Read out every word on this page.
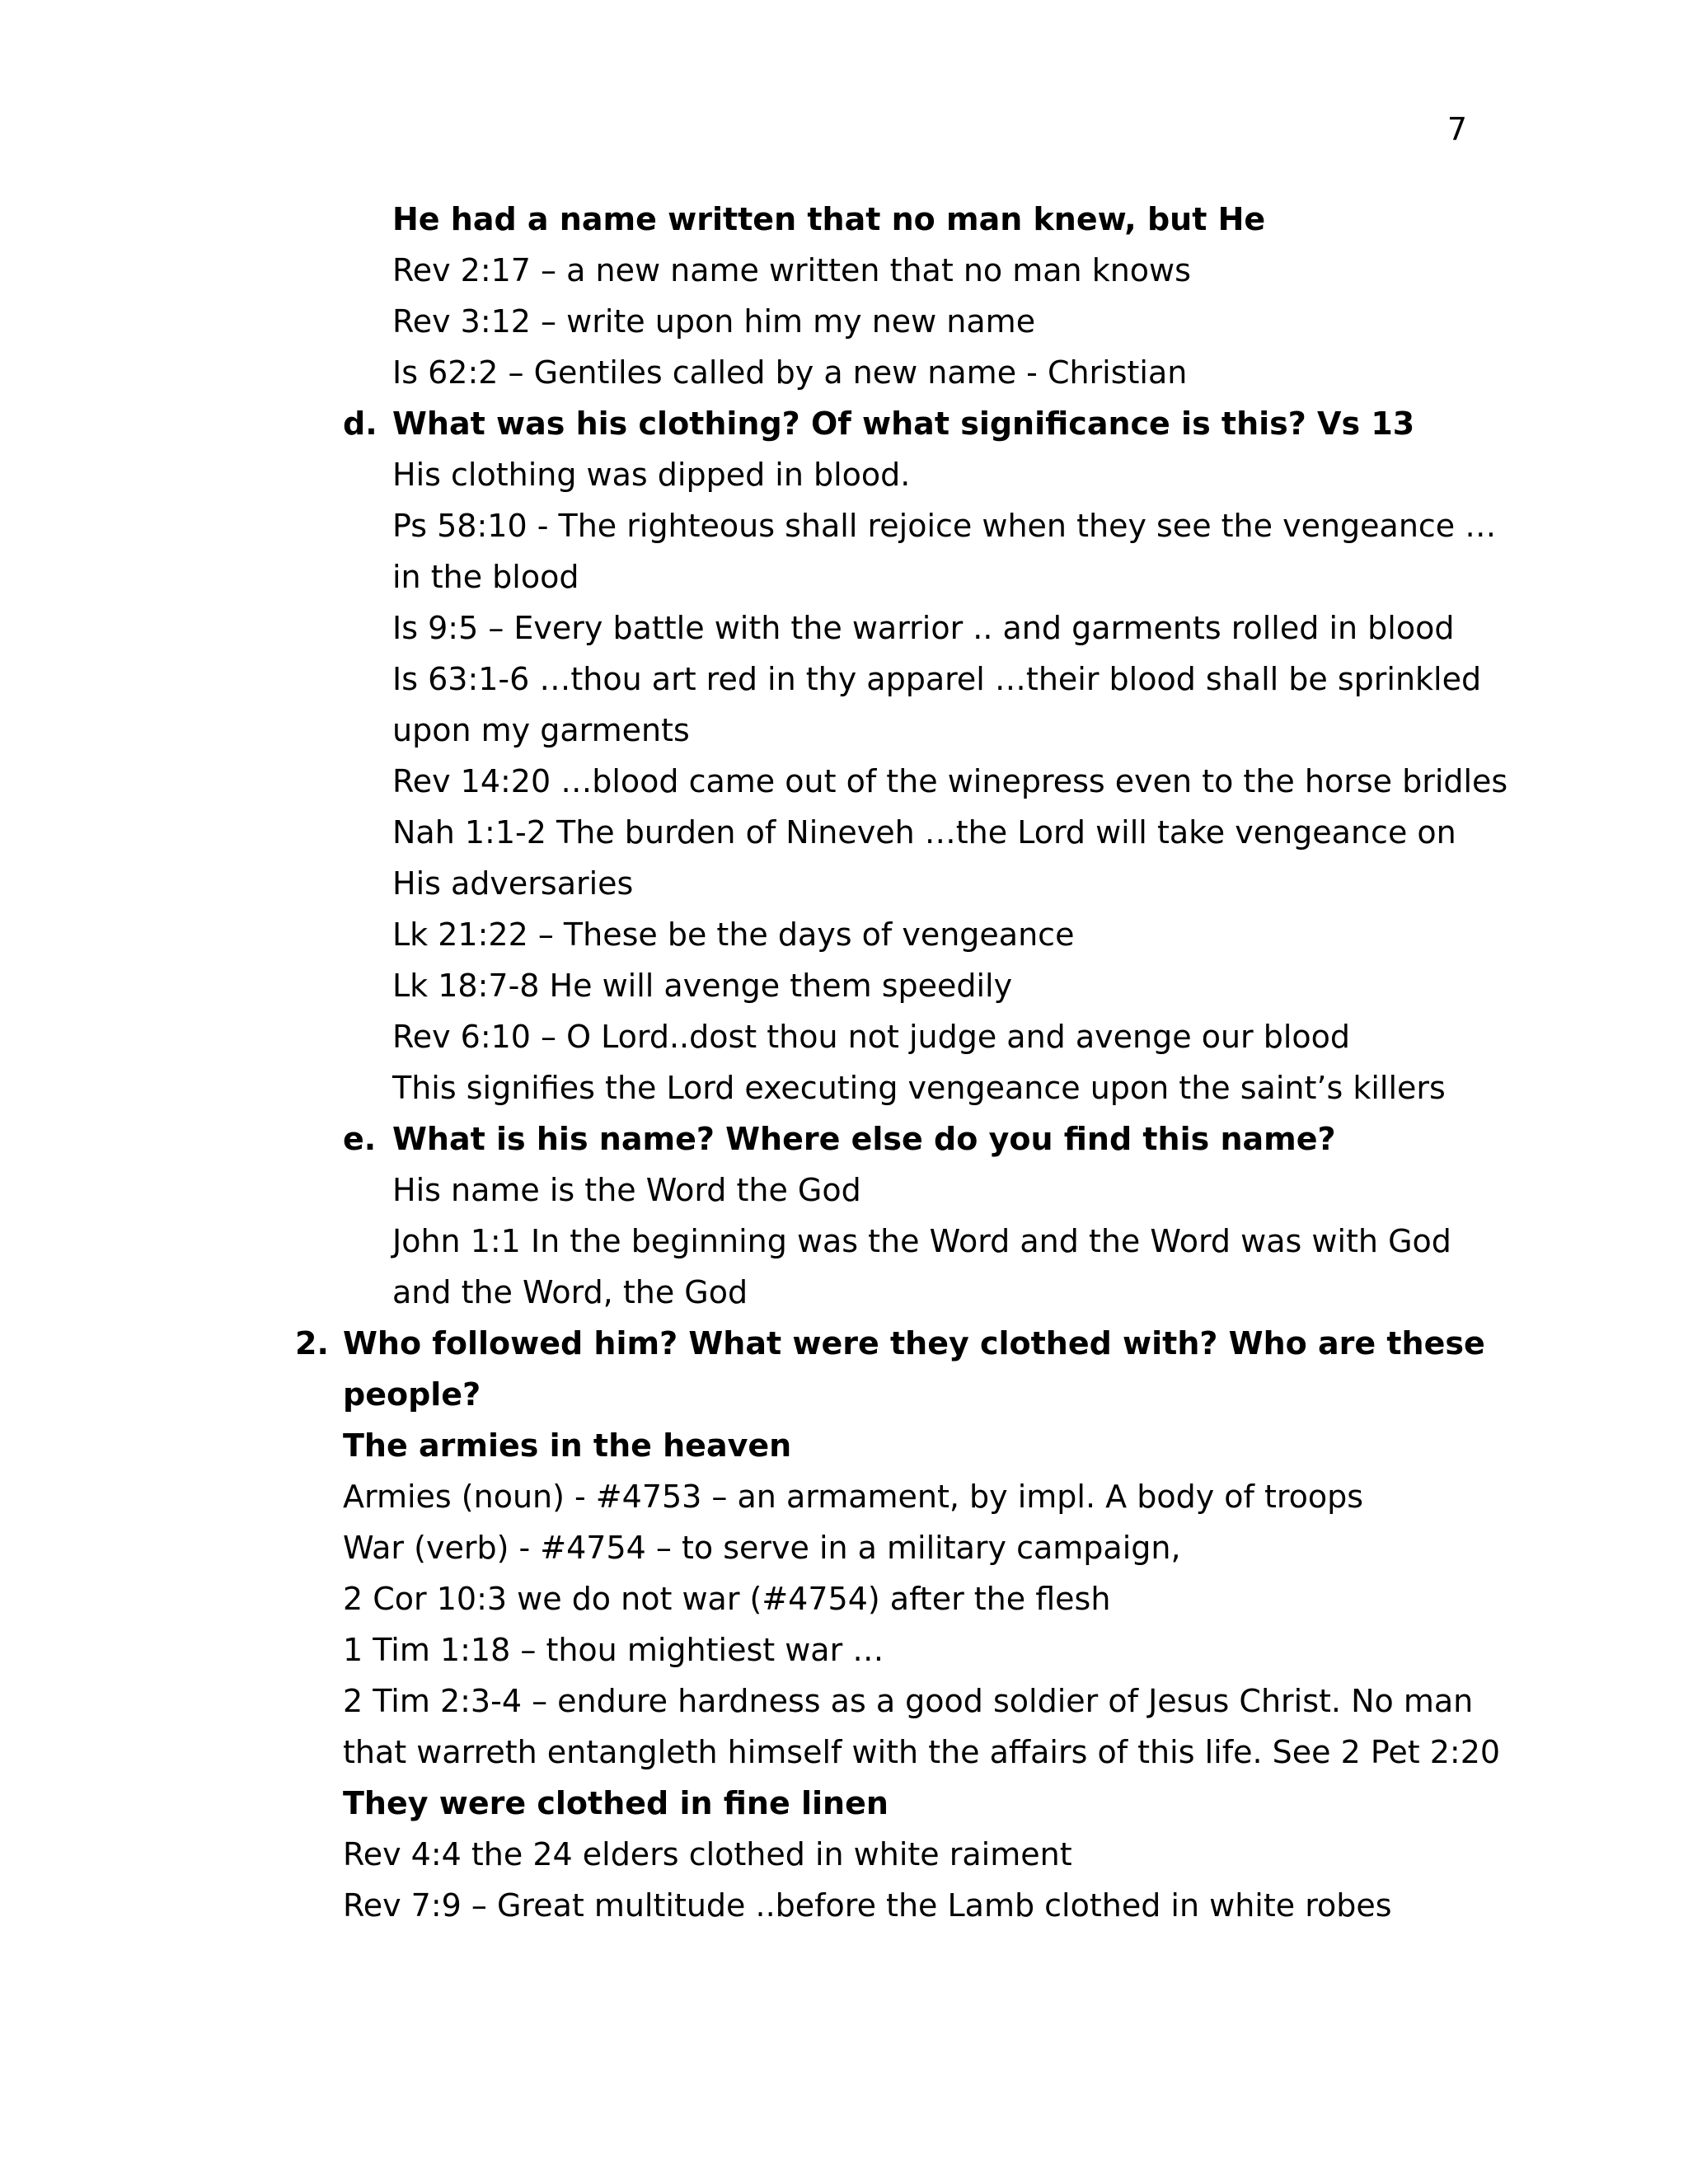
7
He had a name written that no man knew, but He
Rev 2:17 – a new name written that no man knows
Rev 3:12 – write upon him my new name
Is 62:2 – Gentiles called by a new name - Christian
d. What was his clothing? Of what significance is this? Vs 13
His clothing was dipped in blood.
Ps 58:10 - The righteous shall rejoice when they see the vengeance …
in the blood
Is 9:5 – Every battle with the warrior .. and garments rolled in blood
Is 63:1-6 …thou art red in thy apparel …their blood shall be sprinkled
upon my garments
Rev 14:20 …blood came out of the winepress even to the horse bridles
Nah 1:1-2 The burden of Nineveh …the Lord will take vengeance on
His adversaries
Lk 21:22 – These be the days of vengeance
Lk 18:7-8 He will avenge them speedily
Rev 6:10 – O Lord..dost thou not judge and avenge our blood
This signifies the Lord executing vengeance upon the saint’s killers
e. What is his name? Where else do you find this name?
His name is the Word the God
John 1:1 In the beginning was the Word and the Word was with God
and the Word, the God
2. Who followed him? What were they clothed with? Who are these
people?
The armies in the heaven
Armies (noun) - #4753 – an armament, by impl. A body of troops
War (verb) - #4754 – to serve in a military campaign,
2 Cor 10:3 we do not war (#4754) after the flesh
1 Tim 1:18 – thou mightiest war …
2 Tim 2:3-4 – endure hardness as a good soldier of Jesus Christ. No man
that warreth entangleth himself with the affairs of this life. See 2 Pet 2:20
They were clothed in fine linen
Rev 4:4 the 24 elders clothed in white raiment
Rev 7:9 – Great multitude ..before the Lamb clothed in white robes
